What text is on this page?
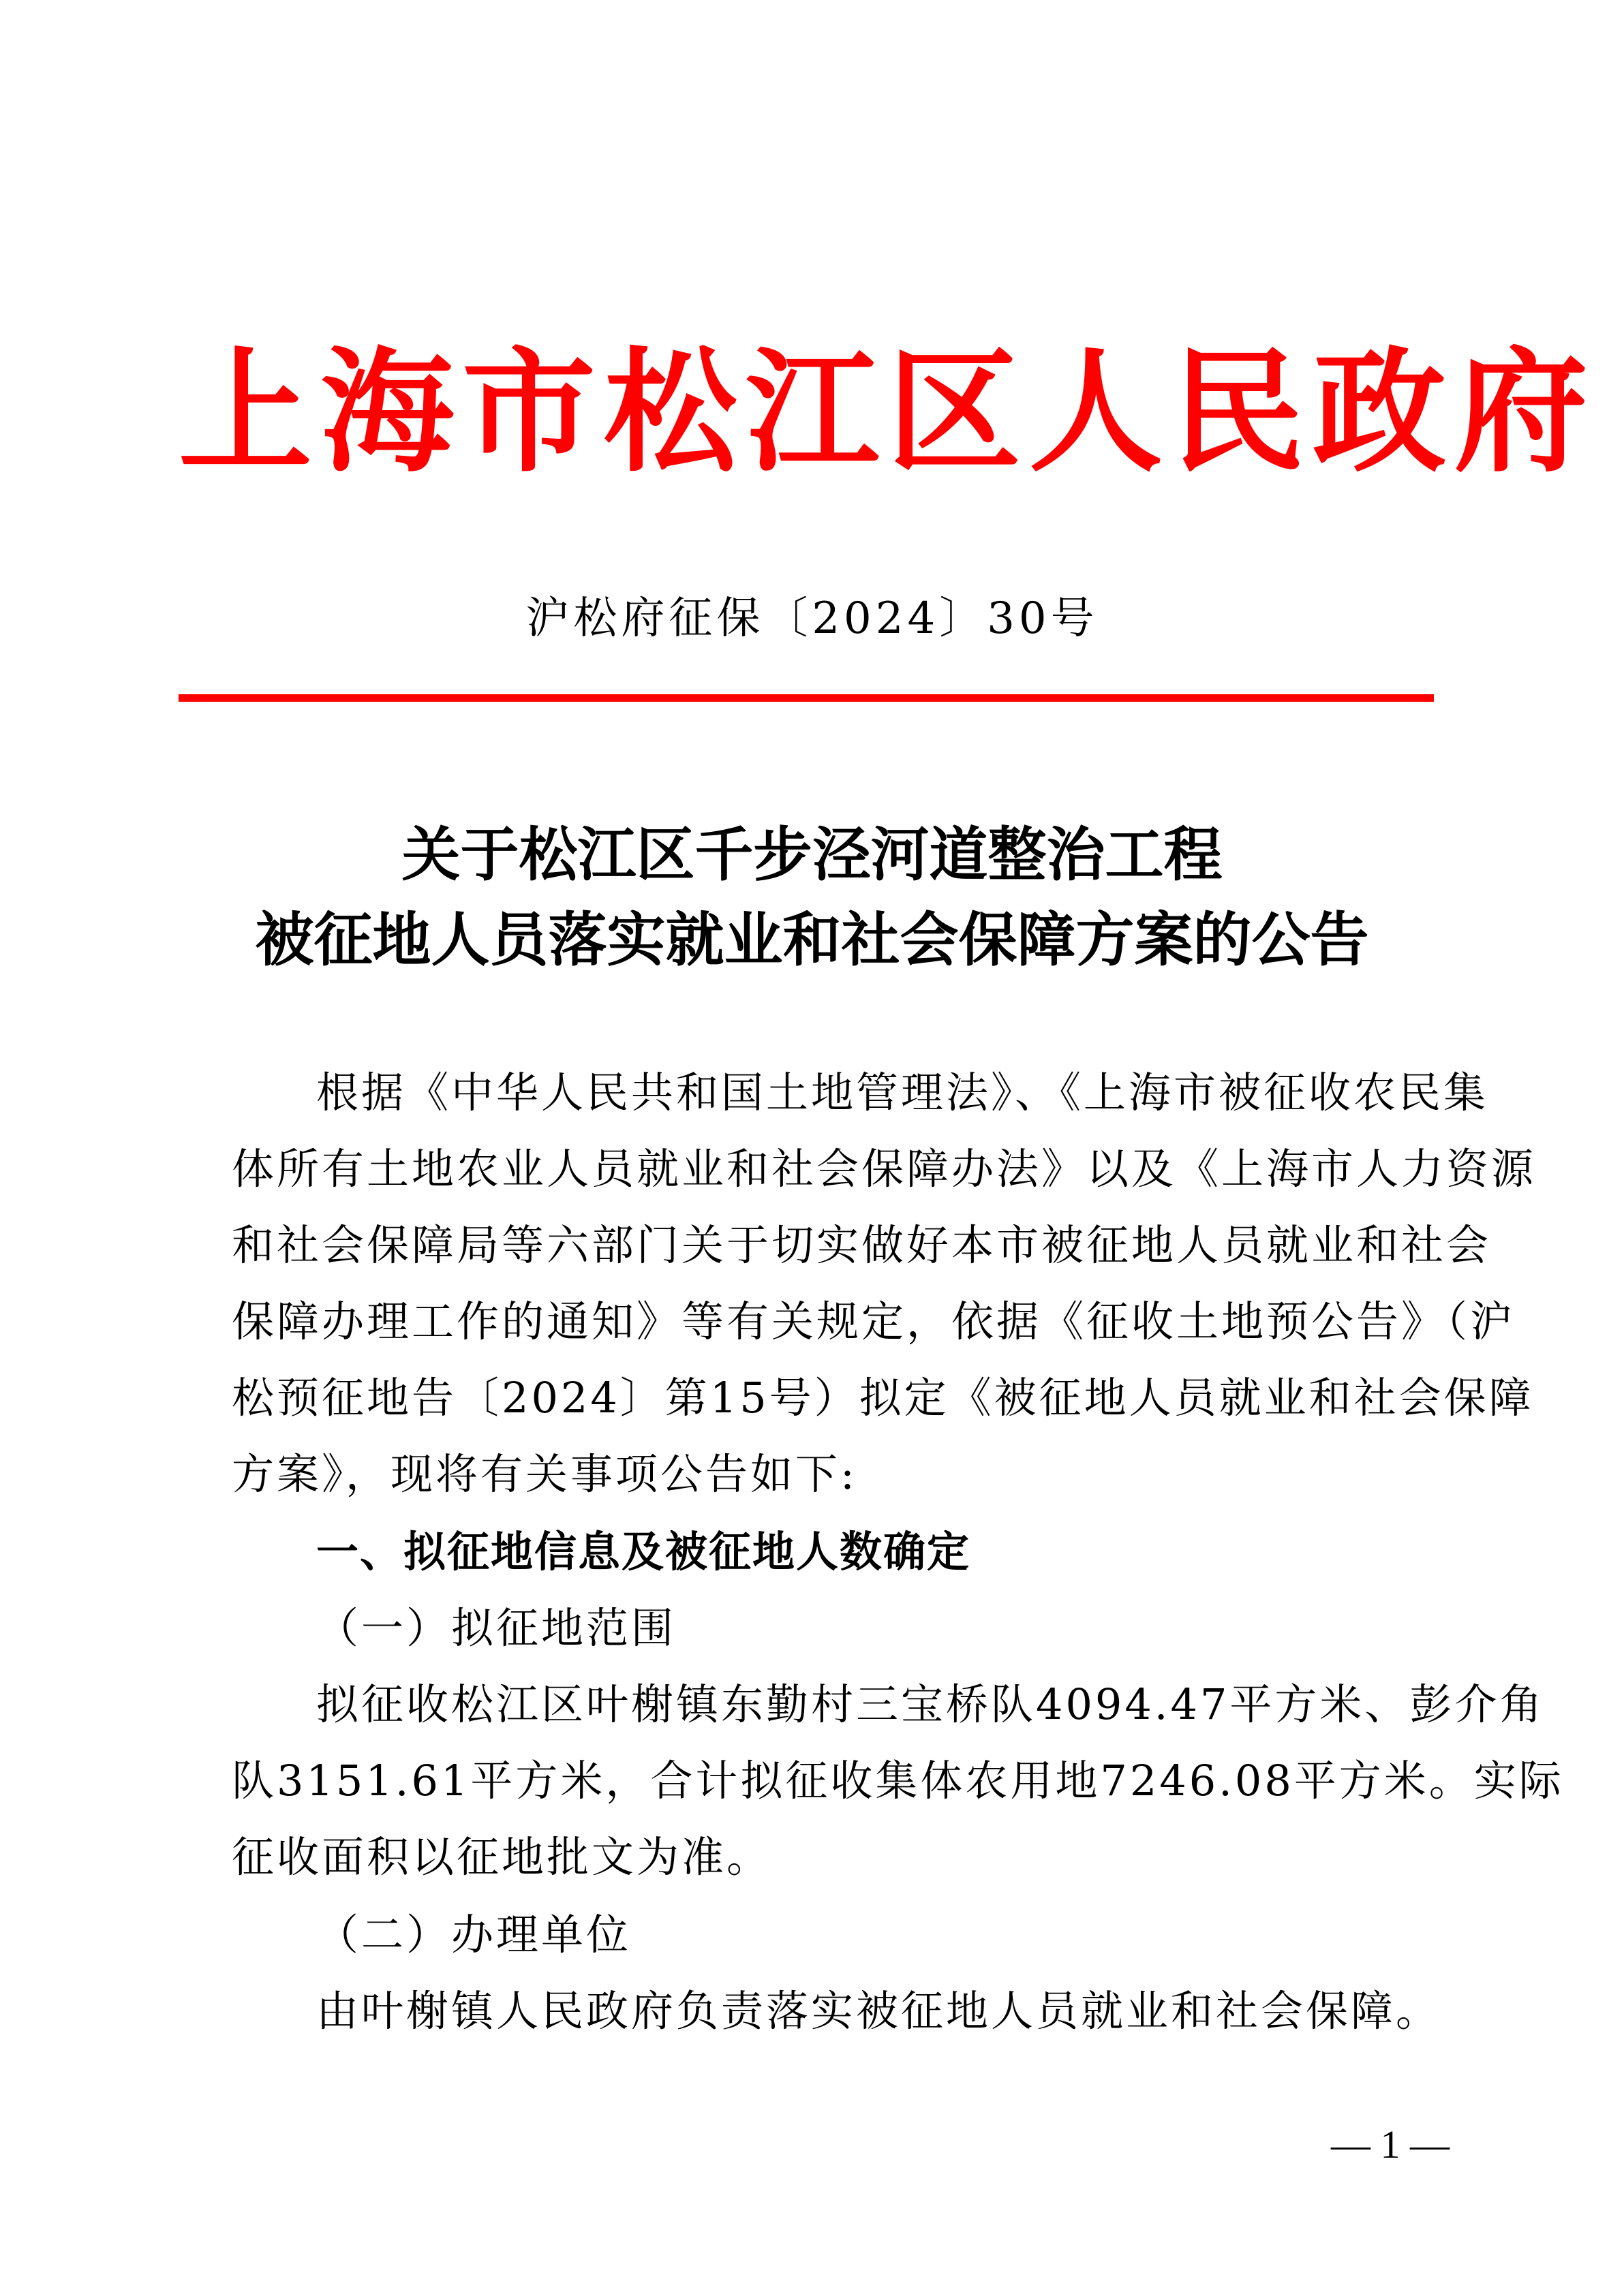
上海市松江区人民政府
沪松府征保〔2024〕30号
关于松江区千步泾河道整治工程
被征地人员落实就业和社会保障方案的公告
根据《中华人民共和国土地管理法》、《上海市被征收农民集
体所有土地农业人员就业和社会保障办法》以及《上海市人力资源
和社会保障局等六部门关于切实做好本市被征地人员就业和社会
保障办理工作的通知》等有关规定，依据《征收土地预公告》（沪
松预征地告〔2024〕第15号）拟定《被征地人员就业和社会保障
方案》，现将有关事项公告如下:
一、拟征地信息及被征地人数确定
（一）拟征地范围
拟征收松江区叶榭镇东勤村三宝桥队4094.47平方米、彭介角
队3151.61平方米，合计拟征收集体农用地7246.08平方米。实际
征收面积以征地批文为准。
（二）办理单位
由叶榭镇人民政府负责落实被征地人员就业和社会保障。
— 1 —
